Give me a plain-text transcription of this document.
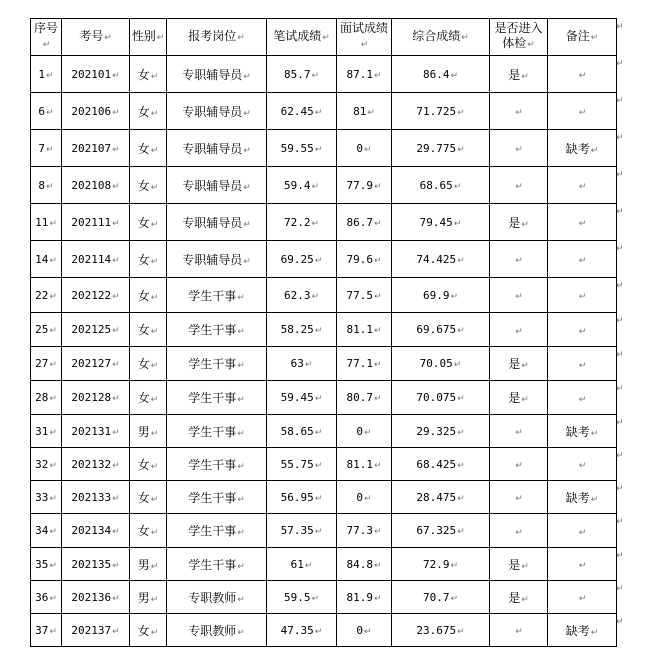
序号↵	考号↵	性别↵	报考岗位↵	笔试成绩↵	面试成绩↵	综合成绩↵	是否进入体检↵	备注↵
1↵	202101↵	女↵	专职辅导员↵	85.7↵	87.1↵	86.4↵	是↵	↵
6↵	202106↵	女↵	专职辅导员↵	62.45↵	81↵	71.725↵	↵	↵
7↵	202107↵	女↵	专职辅导员↵	59.55↵	0↵	29.775↵	↵	缺考↵
8↵	202108↵	女↵	专职辅导员↵	59.4↵	77.9↵	68.65↵	↵	↵
11↵	202111↵	女↵	专职辅导员↵	72.2↵	86.7↵	79.45↵	是↵	↵
14↵	202114↵	女↵	专职辅导员↵	69.25↵	79.6↵	74.425↵	↵	↵
22↵	202122↵	女↵	学生干事↵	62.3↵	77.5↵	69.9↵	↵	↵
25↵	202125↵	女↵	学生干事↵	58.25↵	81.1↵	69.675↵	↵	↵
27↵	202127↵	女↵	学生干事↵	63↵	77.1↵	70.05↵	是↵	↵
28↵	202128↵	女↵	学生干事↵	59.45↵	80.7↵	70.075↵	是↵	↵
31↵	202131↵	男↵	学生干事↵	58.65↵	0↵	29.325↵	↵	缺考↵
32↵	202132↵	女↵	学生干事↵	55.75↵	81.1↵	68.425↵	↵	↵
33↵	202133↵	女↵	学生干事↵	56.95↵	0↵	28.475↵	↵	缺考↵
34↵	202134↵	女↵	学生干事↵	57.35↵	77.3↵	67.325↵	↵	↵
35↵	202135↵	男↵	学生干事↵	61↵	84.8↵	72.9↵	是↵	↵
36↵	202136↵	男↵	专职教师↵	59.5↵	81.9↵	70.7↵	是↵	↵
37↵	202137↵	女↵	专职教师↵	47.35↵	0↵	23.675↵	↵	缺考↵
↵
↵
↵
↵
↵
↵
↵
↵
↵
↵
↵
↵
↵
↵
↵
↵
↵
↵
